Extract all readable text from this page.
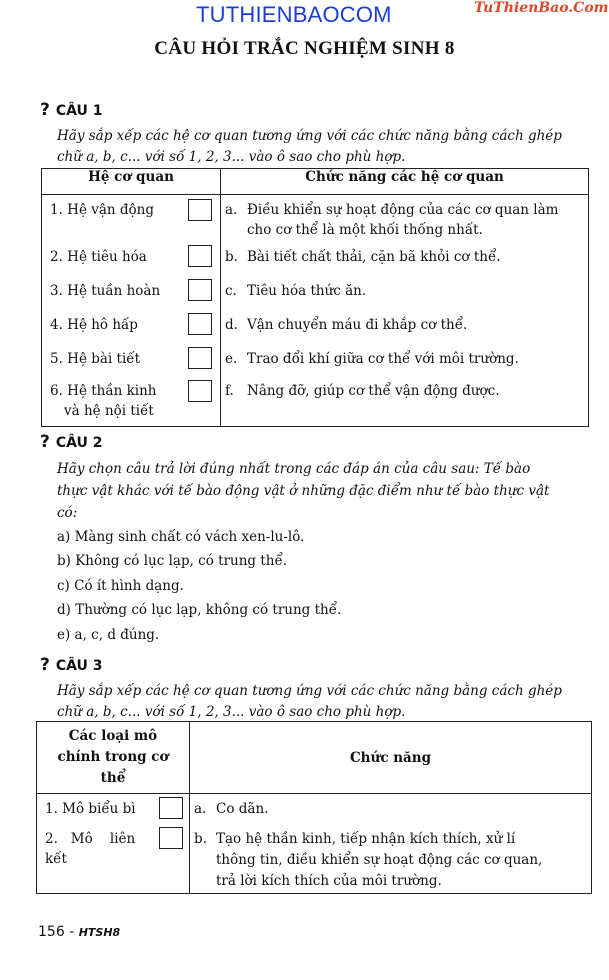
TUTHIENBAOCOM	TuThienBao.Com
CÂU HỎI TRẮC NGHIỆM SINH 8
? CÂU 1
Hãy sắp xếp các hệ cơ quan tương ứng với các chức năng bằng cách ghép
chữ a, b, c... với số 1, 2, 3... vào ô sao cho phù hợp.
Hệ cơ quan	Chức năng các hệ cơ quan

1. Hệ vận động	a. Điều khiển sự hoạt động của các cơ quan làm
cho cơ thể là một khối thống nhất.

2. Hệ tiêu hóa	b. Bài tiết chất thải, cặn bã khỏi cơ thể.

3. Hệ tuần hoàn	c. Tiêu hóa thức ăn.

4. Hệ hô hấp	d. Vận chuyển máu đi khắp cơ thể.

5. Hệ bài tiết	e. Trao đổi khí giữa cơ thể với môi trường.

6. Hệ thần kinh
và hệ nội tiết	f. Nâng đỡ, giúp cơ thể vận động được.
? CÂU 2
Hãy chọn câu trả lời đúng nhất trong các đáp án của câu sau: Tế bào
thực vật khác với tế bào động vật ở những đặc điểm như tế bào thực vật
có:
a) Màng sinh chất có vách xen-lu-lô.
b) Không có lục lạp, có trung thể.
c) Có ít hình dạng.
d) Thường có lục lạp, không có trung thể.
e) a, c, d đúng.
? CÂU 3
Hãy sắp xếp các hệ cơ quan tương ứng với các chức năng bằng cách ghép
chữ a, b, c... với số 1, 2, 3... vào ô sao cho phù hợp.
Các loại mô
chính trong cơ
thể	Chức năng

1. Mô biểu bì	a. Co dãn.

2.   Mô    liên
kết	b. Tạo hệ thần kinh, tiếp nhận kích thích, xử lí
thông tin, điều khiển sự hoạt động các cơ quan,
trả lời kích thích của môi trường.
156 - HTSH8
